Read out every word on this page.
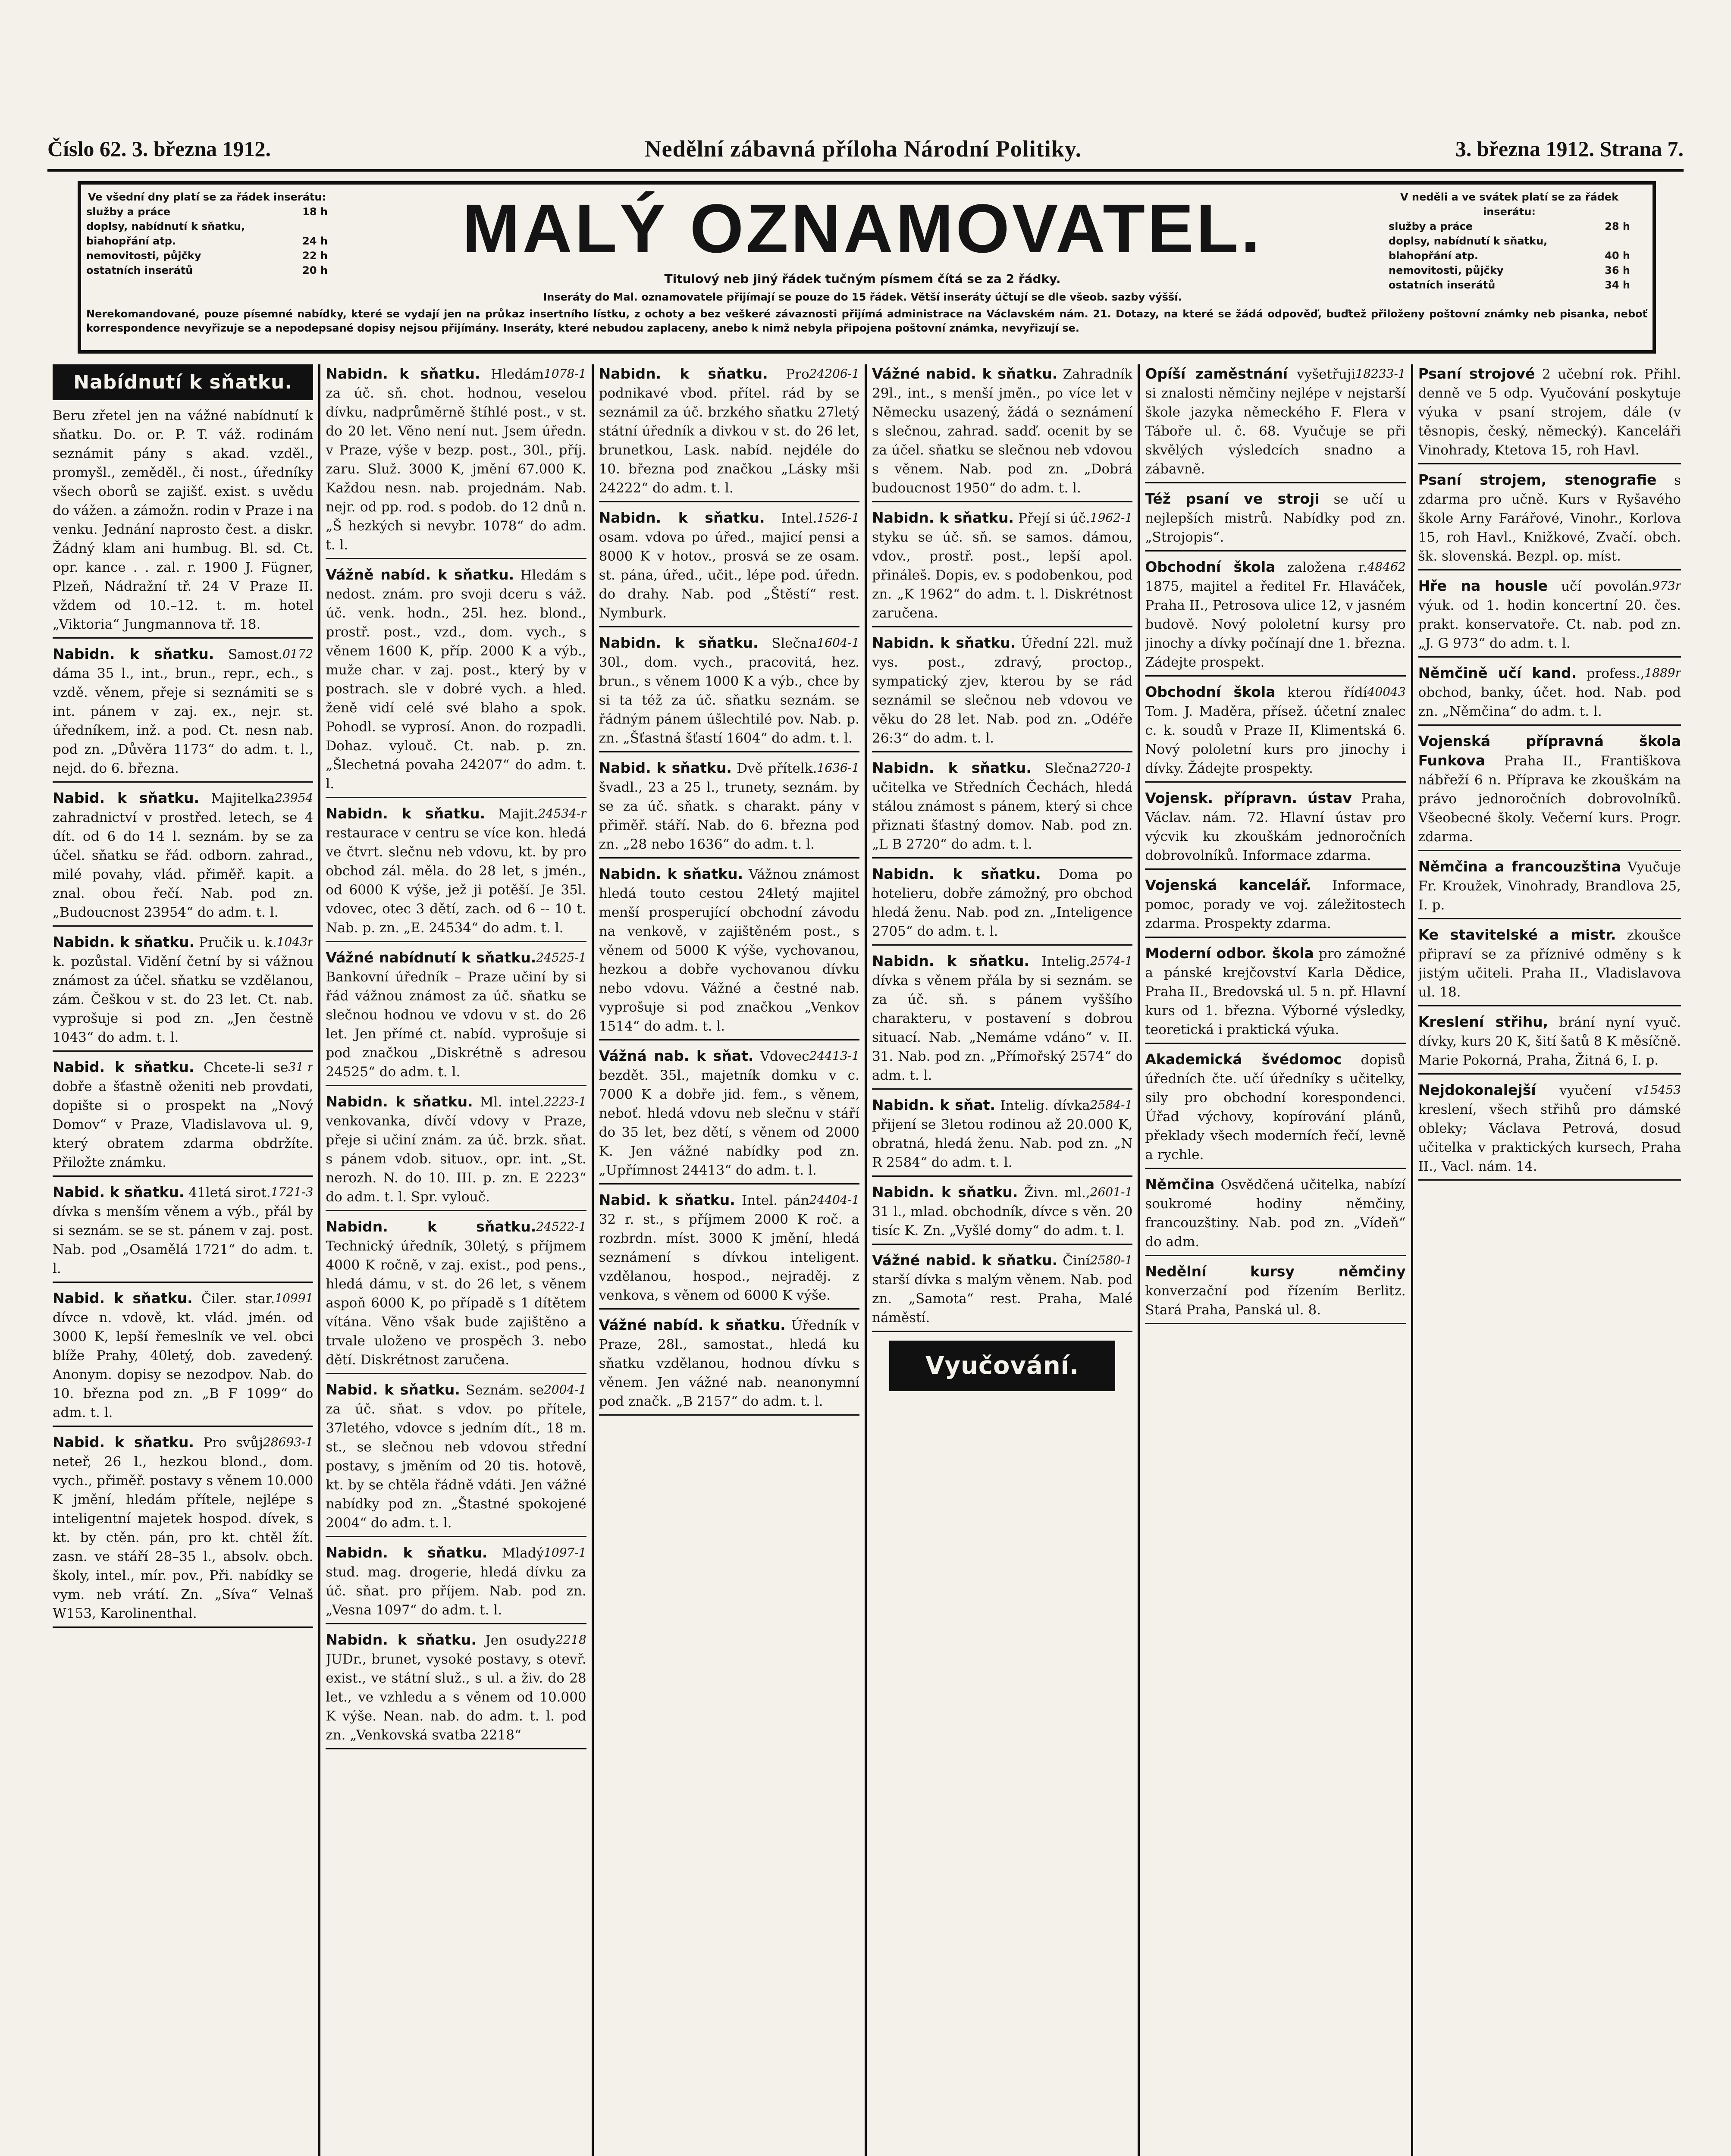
Číslo 62. 3. března 1912.	Nedělní zábavná příloha Národní Politiky.	3. března 1912. Strana 7.
Ve všední dny platí se za řádek inserátu:
služby a práce	18 h
doplsy, nabídnutí k sňatku,
biahopřání atp.	24 h
nemovitosti, půjčky	22 h
ostatních inserátů	20 h
MALÝ OZNAMOVATEL.
Titulový neb jiný řádek tučným písmem čítá se za 2 řádky.
Inseráty do Mal. oznamovatele přijímají se pouze do 15 řádek. Větší inseráty účtují se dle všeob. sazby výšší.
V neděli a ve svátek platí se za řádek inserátu:
služby a práce	28 h
doplsy, nabídnutí k sňatku,
blahopřání atp.	40 h
nemovitosti, půjčky	36 h
ostatních inserátů	34 h
Nerekomandované, pouze písemné nabídky, které se vydají jen na průkaz insertního lístku, z ochoty a bez veškeré závaznosti přijímá administrace na Václavském nám. 21. Dotazy, na které se žádá odpověď, buďtež přiloženy poštovní známky neb pisanka, neboť korrespondence nevyřizuje se a nepodepsané dopisy nejsou přijímány. Inseráty, které nebudou zaplaceny, anebo k nimž nebyla připojena poštovní známka, nevyřizují se.
Nabídnutí k sňatku.
Beru zřetel jen na vážné nabídnutí k sňatku. Do. or. P. T. váž. rodinám seznámit pány s akad. vzděl., promyšl., zeměděl., či nost., úředníky všech oborů se zajišť. exist. s uvědu do vážen. a zámožn. rodin v Praze i na venku. Jednání naprosto čest. a diskr. Žádný klam ani humbug. Bl. sd. Ct. opr. kance . . zal. r. 1900 J. Fügner, Plzeň, Nádražní tř. 24 V Praze II. vždem od 10.–12. t. m. hotel „Viktoria“ Jungmannova tř. 18.
0172
Nabidn. k sňatku. Samost. dáma 35 l., int., brun., repr., ech., s vzdě. věnem, přeje si seznámiti se s int. pánem v zaj. ex., nejr. st. úředníkem, inž. a pod. Ct. nesn nab. pod zn. „Důvěra 1173“ do adm. t. l., nejd. do 6. března.
23954
Nabid. k sňatku. Majitelka zahradnictví v prostřed. letech, se 4 dít. od 6 do 14 l. seznám. by se za účel. sňatku se řád. odborn. zahrad., milé povahy, vlád. přiměř. kapit. a znal. obou řečí. Nab. pod zn. „Budoucnost 23954“ do adm. t. l.
1043r
Nabidn. k sňatku. Pručik u. k. k. pozůstal. Vidění četní by si vážnou známost za účel. sňatku se vzdělanou, zám. Češkou v st. do 23 let. Ct. nab. vyprošuje si pod zn. „Jen čestně 1043“ do adm. t. l.
31 r
Nabid. k sňatku. Chcete-li se dobře a šťastně oženiti neb provdati, dopište si o prospekt na „Nový Domov“ v Praze, Vladislavova ul. 9, který obratem zdarma obdržíte. Přiložte známku.
1721-3
Nabid. k sňatku. 41letá sirot. dívka s menším věnem a výb., přál by si seznám. se se st. pánem v zaj. post. Nab. pod „Osamělá 1721“ do adm. t. l.
10991
Nabid. k sňatku. Čiler. star. dívce n. vdově, kt. vlád. jmén. od 3000 K, lepší řemeslník ve vel. obci blíže Prahy, 40letý, dob. zavedený. Anonym. dopisy se nezodpov. Nab. do 10. března pod zn. „B F 1099“ do adm. t. l.
28693-1
Nabid. k sňatku. Pro svůj neteř, 26 l., hezkou blond., dom. vych., přiměř. postavy s věnem 10.000 K jmění, hledám přítele, nejlépe s inteligentní majetek hospod. dívek, s kt. by ctěn. pán, pro kt. chtěl žít. zasn. ve stáří 28–35 l., absolv. obch. školy, intel., mír. pov., Při. nabídky se vym. neb vrátí. Zn. „Síva“ Velnaš W153, Karolinenthal.
1078-1
Nabidn. k sňatku. Hledám za úč. sň. chot. hodnou, veselou dívku, nadprůměrně štíhlé post., v st. do 20 let. Věno není nut. Jsem úředn. v Praze, výše v bezp. post., 30l., příj. zaru. Služ. 3000 K, jmění 67.000 K. Každou nesn. nab. projednám. Nab. nejr. od pp. rod. s podob. do 12 dnů n. „Š hezkých si nevybr. 1078“ do adm. t. l.
Vážně nabíd. k sňatku. Hledám s nedost. znám. pro svoji dceru s váž. úč. venk. hodn., 25l. hez. blond., prostř. post., vzd., dom. vych., s věnem 1600 K, příp. 2000 K a výb., muže char. v zaj. post., který by v postrach. sle v dobré vych. a hled. ženě vidí celé své blaho a spok. Pohodl. se vyprosí. Anon. do rozpadli. Dohaz. vylouč. Ct. nab. p. zn. „Šlechetná povaha 24207“ do adm. t. l.
24534-r
Nabidn. k sňatku. Majit. restaurace v centru se více kon. hledá ve čtvrt. slečnu neb vdovu, kt. by pro obchod zál. měla. do 28 let, s jmén., od 6000 K výše, jež ji potěší. Je 35l. vdovec, otec 3 dětí, zach. od 6 -- 10 t. Nab. p. zn. „E. 24534“ do adm. t. l.
24525-1
Vážné nabídnutí k sňatku. Bankovní úředník – Praze učiní by si řád vážnou známost za úč. sňatku se slečnou hodnou ve vdovu v st. do 26 let. Jen přímé ct. nabíd. vyprošuje si pod značkou „Diskrétně s adresou 24525“ do adm. t. l.
2223-1
Nabidn. k sňatku. Ml. intel. venkovanka, dívčí vdovy v Praze, přeje si učiní znám. za úč. brzk. sňat. s pánem vdob. situov., opr. int. „St. nerozh. N. do 10. III. p. zn. E 2223“ do adm. t. l. Spr. vylouč.
24522-1
Nabidn. k sňatku. Technický úředník, 30letý, s příjmem 4000 K ročně, v zaj. exist., pod pens., hledá dámu, v st. do 26 let, s věnem aspoň 6000 K, po případě s 1 dítětem vítána. Věno však bude zajištěno a trvale uloženo ve prospěch 3. nebo dětí. Diskrétnost zaručena.
2004-1
Nabid. k sňatku. Seznám. se za úč. sňat. s vdov. po přítele, 37letého, vdovce s jedním dít., 18 m. st., se slečnou neb vdovou střední postavy, s jměním od 20 tis. hotově, kt. by se chtěla řádně vdáti. Jen vážné nabídky pod zn. „Štastné spokojené 2004“ do adm. t. l.
1097-1
Nabidn. k sňatku. Mladý stud. mag. drogerie, hledá dívku za úč. sňat. pro příjem. Nab. pod zn. „Vesna 1097“ do adm. t. l.
2218
Nabidn. k sňatku. Jen osudy JUDr., brunet, vysoké postavy, s otevř. exist., ve státní služ., s ul. a živ. do 28 let., ve vzhledu a s věnem od 10.000 K výše. Nean. nab. do adm. t. l. pod zn. „Venkovská svatba 2218“
24206-1
Nabidn. k sňatku. Pro podnikavé vbod. přítel. rád by se seznámil za úč. brzkého sňatku 27letý státní úředník a divkou v st. do 26 let, brunetkou, Lask. nabíd. nejdéle do 10. března pod značkou „Lásky mši 24222“ do adm. t. l.
1526-1
Nabidn. k sňatku. Intel. osam. vdova po úřed., majicí pensi a 8000 K v hotov., prosvá se ze osam. st. pána, úřed., učit., lépe pod. úředn. do drahy. Nab. pod „Štěstí“ rest. Nymburk.
1604-1
Nabidn. k sňatku. Slečna 30l., dom. vych., pracovitá, hez. brun., s věnem 1000 K a výb., chce by si ta též za úč. sňatku seznám. se řádným pánem úšlechtilé pov. Nab. p. zn. „Šťastná šťastí 1604“ do adm. t. l.
1636-1
Nabid. k sňatku. Dvě přítelk. švadl., 23 a 25 l., trunety, seznám. by se za úč. sňatk. s charakt. pány v přiměř. stáří. Nab. do 6. března pod zn. „28 nebo 1636“ do adm. t. l.
Nabidn. k sňatku. Vážnou známost hledá touto cestou 24letý majitel menší prosperující obchodní závodu na venkově, v zajištěném post., s věnem od 5000 K výše, vychovanou, hezkou a dobře vychovanou dívku nebo vdovu. Vážné a čestné nab. vyprošuje si pod značkou „Venkov 1514“ do adm. t. l.
24413-1
Vážná nab. k sňat. Vdovec bezdět. 35l., majetník domku v c. 7000 K a dobře jid. fem., s věnem, neboť. hledá vdovu neb slečnu v stáří do 35 let, bez dětí, s věnem od 2000 K. Jen vážné nabídky pod zn. „Upřímnost 24413“ do adm. t. l.
24404-1
Nabid. k sňatku. Intel. pán 32 r. st., s příjmem 2000 K roč. a rozbrdn. míst. 3000 K jmění, hledá seznámení s dívkou inteligent. vzdělanou, hospod., nejraděj. z venkova, s věnem od 6000 K výše.
Vážné nabíd. k sňatku. Úředník v Praze, 28l., samostat., hledá ku sňatku vzdělanou, hodnou dívku s věnem. Jen vážné nab. neanonymní pod značk. „B 2157“ do adm. t. l.
Vážné nabid. k sňatku. Zahradník 29l., int., s menší jměn., po více let v Německu usazený, žádá o seznámení s slečnou, zahrad. sadď. ocenit by se za účel. sňatku se slečnou neb vdovou s věnem. Nab. pod zn. „Dobrá budoucnost 1950“ do adm. t. l.
1962-1
Nabidn. k sňatku. Přejí si úč. styku se úč. sň. se samos. dámou, vdov., prostř. post., lepší apol. přináleš. Dopis, ev. s podobenkou, pod zn. „K 1962“ do adm. t. l. Diskrétnost zaručena.
Nabidn. k sňatku. Úřední 22l. muž vys. post., zdravý, proctop., sympatický zjev, kterou by se rád seznámil se slečnou neb vdovou ve věku do 28 let. Nab. pod zn. „Odéře 26:3“ do adm. t. l.
2720-1
Nabidn. k sňatku. Slečna učitelka ve Středních Čechách, hledá stálou známost s pánem, který si chce přiznati šťastný domov. Nab. pod zn. „L B 2720“ do adm. t. l.
Nabidn. k sňatku. Doma po hotelieru, dobře zámožný, pro obchod hledá ženu. Nab. pod zn. „Inteligence 2705“ do adm. t. l.
2574-1
Nabidn. k sňatku. Intelig. dívka s věnem přála by si seznám. se za úč. sň. s pánem vyššího charakteru, v postavení s dobrou situací. Nab. „Nemáme vdáno“ v. II. 31. Nab. pod zn. „Přímořský 2574“ do adm. t. l.
2584-1
Nabidn. k sňat. Intelig. dívka přijení se 3letou rodinou až 20.000 K, obratná, hledá ženu. Nab. pod zn. „N R 2584“ do adm. t. l.
2601-1
Nabidn. k sňatku. Živn. ml., 31 l., mlad. obchodník, dívce s věn. 20 tisíc K. Zn. „Vyšlé domy“ do adm. t. l.
2580-1
Vážné nabid. k sňatku. Činí starší dívka s malým věnem. Nab. pod zn. „Samota“ rest. Praha, Malé náměstí.
Vyučování.
18233-1
Opíší zaměstnání vyšetřuji si znalosti němčiny nejlépe v nejstarší škole jazyka německého F. Flera v Táboře ul. č. 68. Vyučuje se při skvělých výsledcích snadno a zábavně.
Též psaní ve stroji se učí u nejlepších mistrů. Nabídky pod zn. „Strojopis“.
48462
Obchodní škola založena r. 1875, majitel a ředitel Fr. Hlaváček, Praha II., Petrosova ulice 12, v jasném budově. Nový pololetní kursy pro jinochy a dívky počínají dne 1. března. Zádejte prospekt.
40043
Obchodní škola kterou řídí Tom. J. Maděra, přísež. účetní znalec c. k. soudů v Praze II, Klimentská 6. Nový pololetní kurs pro jinochy i dívky. Žádejte prospekty.
Vojensk. přípravn. ústav Praha, Václav. nám. 72. Hlavní ústav pro výcvik ku zkouškám jednoročních dobrovolníků. Informace zdarma.
Vojenská kancelář. Informace, pomoc, porady ve voj. záležitostech zdarma. Prospekty zdarma.
Moderní odbor. škola pro zámožné a pánské krejčovství Karla Dědice, Praha II., Bredovská ul. 5 n. př. Hlavní kurs od 1. března. Výborné výsledky, teoretická i praktická výuka.
Akademická švédomoc dopisů úředních čte. učí úředníky s učitelky, sily pro obchodní korespondenci. Úřad výchovy, kopírování plánů, překlady všech moderních řečí, levně a rychle.
Němčina Osvědčená učitelka, nabízí soukromé hodiny němčiny, francouzštiny. Nab. pod zn. „Vídeň“ do adm.
Nedělní kursy němčiny konverzační pod řízením Berlitz. Stará Praha, Panská ul. 8.
Psaní strojové 2 učební rok. Přihl. denně ve 5 odp. Vyučování poskytuje výuka v psaní strojem, dále (v těsnopis, český, německý). Kanceláři Vinohrady, Ktetova 15, roh Havl.
Psaní strojem, stenografie s zdarma pro učně. Kurs v Ryšavého škole Arny Farářové, Vinohr., Korlova 15, roh Havl., Knižkové, Zvačí. obch. šk. slovenská. Bezpl. op. míst.
973r
Hře na housle učí povolán. výuk. od 1. hodin koncertní 20. čes. prakt. konservatoře. Ct. nab. pod zn. „J. G 973“ do adm. t. l.
1889r
Němčině učí kand. profess., obchod, banky, účet. hod. Nab. pod zn. „Němčina“ do adm. t. l.
Vojenská přípravná škola Funkova Praha II., Františkova nábřeží 6 n. Příprava ke zkouškám na právo jednoročních dobrovolníků. Všeobecné školy. Večerní kurs. Progr. zdarma.
Němčina a francouzština Vyučuje Fr. Kroužek, Vinohrady, Brandlova 25, I. p.
Ke stavitelské a mistr. zkoušce připraví se za příznivé odměny s k jistým učiteli. Praha II., Vladislavova ul. 18.
Kreslení střihu, brání nyní vyuč. dívky, kurs 20 K, šití šatů 8 K měsíčně. Marie Pokorná, Praha, Žitná 6, I. p.
15453
Nejdokonalejší vyučení v kreslení, všech střihů pro dámské obleky; Václava Petrová, dosud učitelka v praktických kursech, Praha II., Vacl. nám. 14.
